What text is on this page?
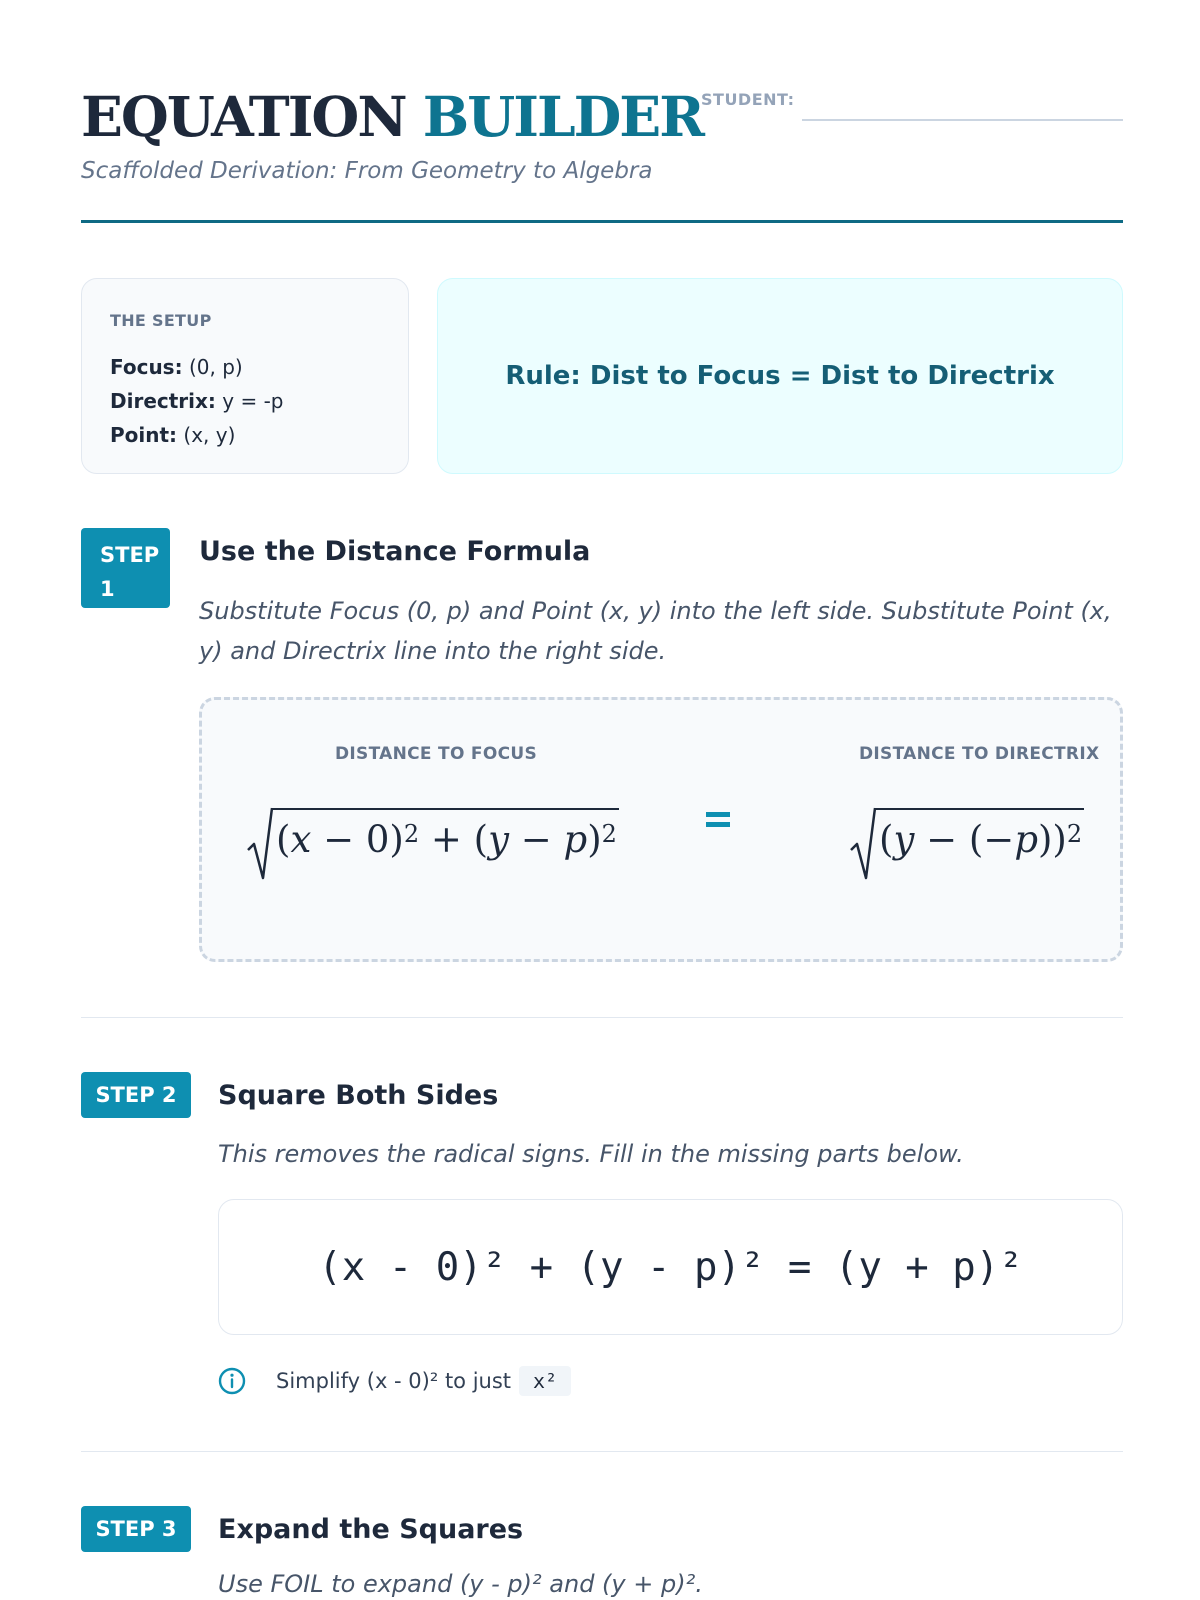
EQUATION BUILDER
STUDENT:
Scaffolded Derivation: From Geometry to Algebra
THE SETUP
Focus: (0, p)
Directrix: y = -p
Point: (x, y)
Rule: Dist to Focus = Dist to Directrix
STEP
1
Use the Distance Formula
Substitute Focus (0, p) and Point (x, y) into the left side. Substitute Point (x, y) and Directrix line into the right side.
DISTANCE TO FOCUS	DISTANCE TO DIRECTRIX
$(x - 0)^2 + (y - p)^2$	$(y - (-p))^2$
STEP 2	Square Both Sides
This removes the radical signs. Fill in the missing parts below.
(x - 0)² + (y - p)² = (y + p)²
Simplify (x - 0)² to just	x²
STEP 3	Expand the Squares
Use FOIL to expand (y - p)² and (y + p)².
